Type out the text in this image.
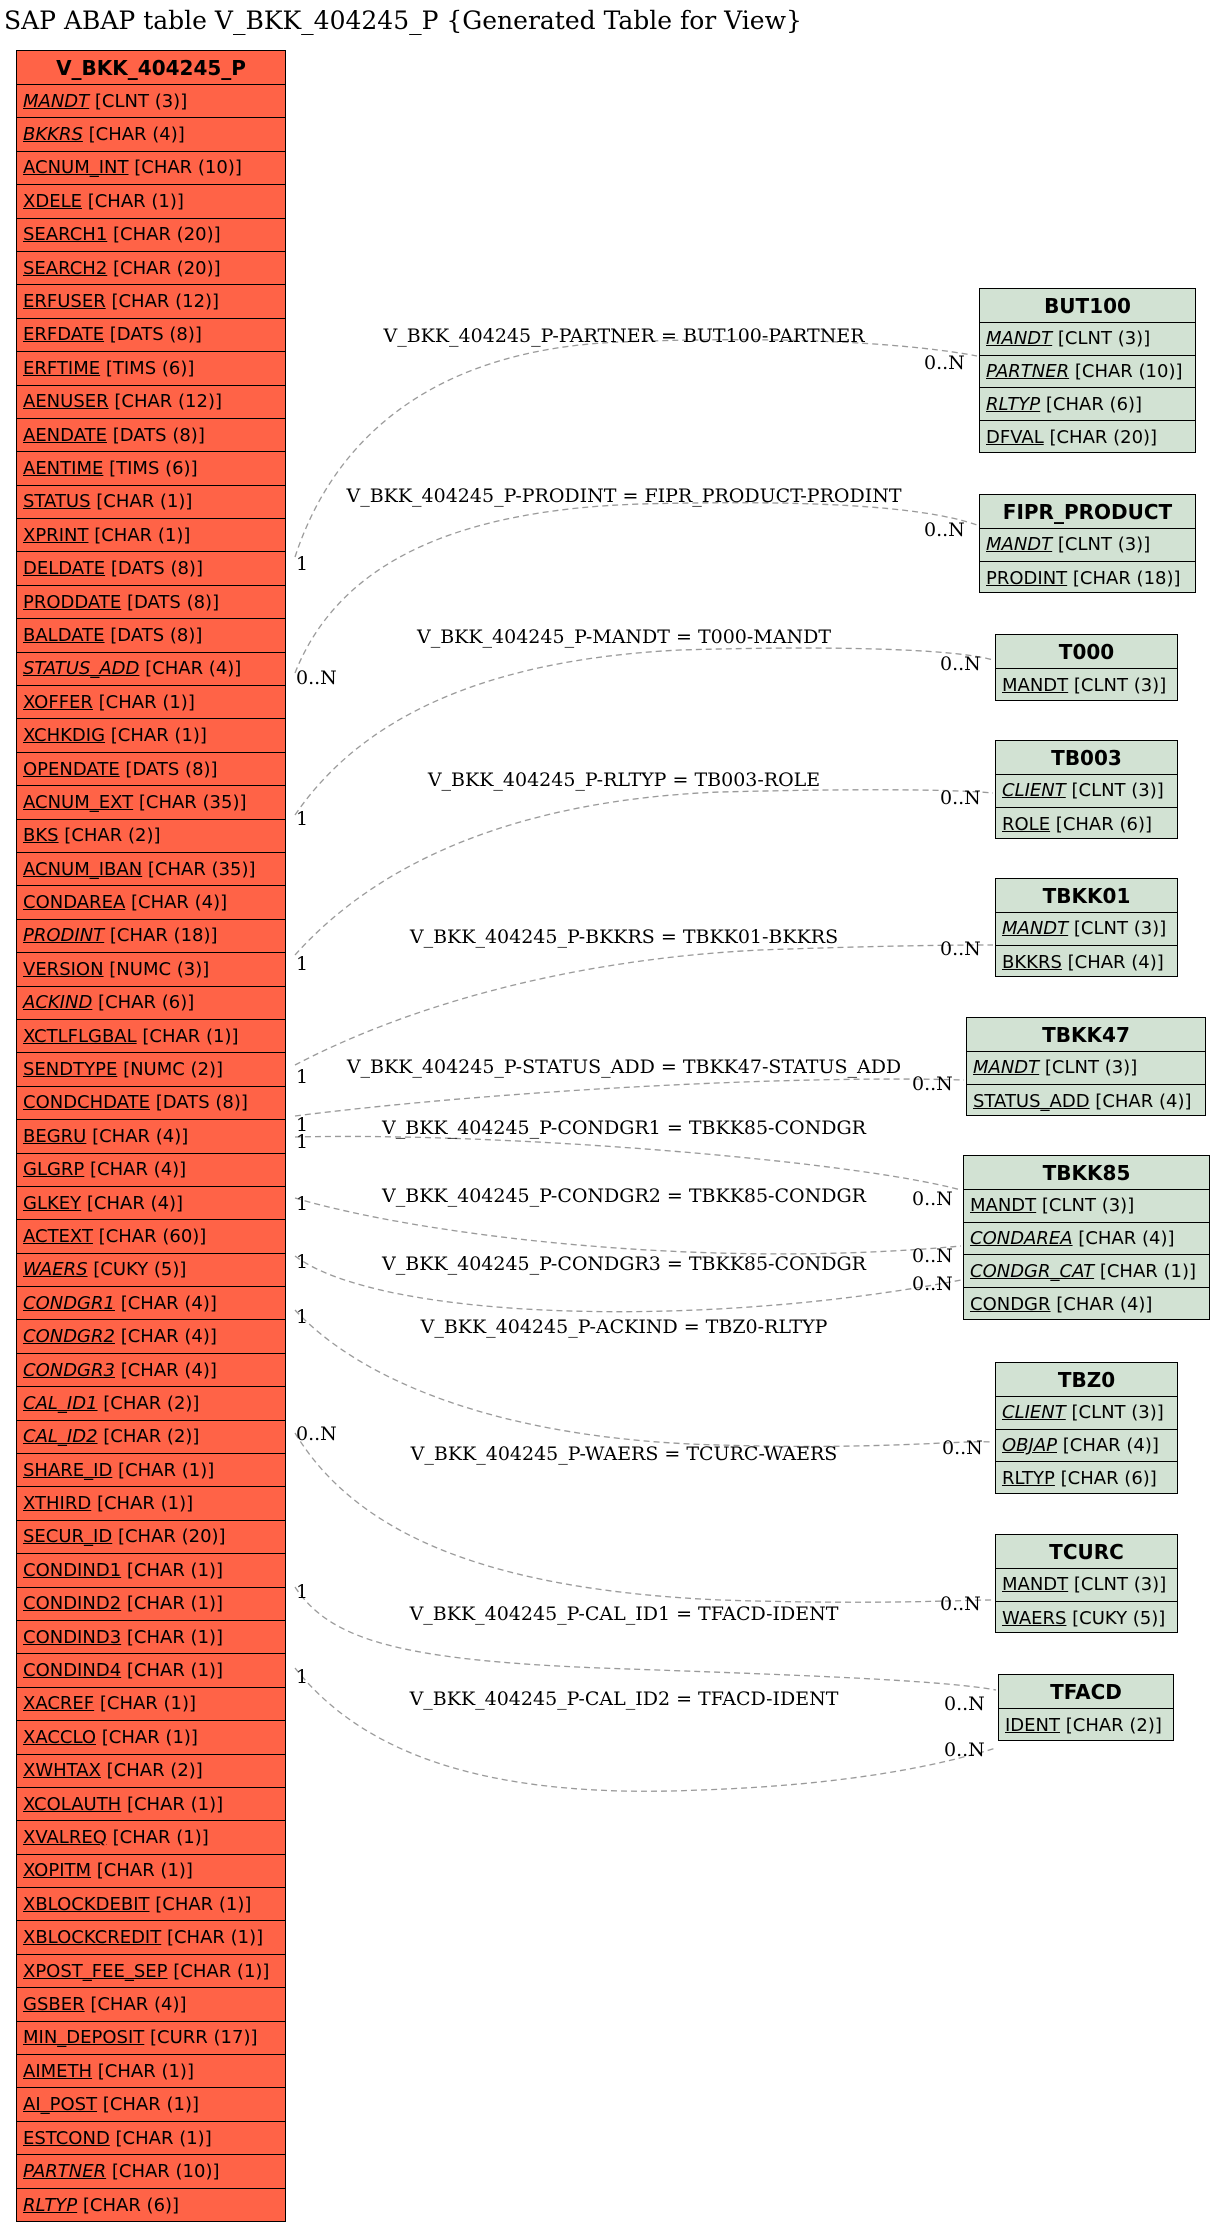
SAP ABAP table V_BKK_404245_P {Generated Table for View}
V_BKK_404245_P-PARTNER = BUT100-PARTNER
1
0..N
V_BKK_404245_P-PRODINT = FIPR_PRODUCT-PRODINT
0..N
0..N
V_BKK_404245_P-MANDT = T000-MANDT
1
0..N
V_BKK_404245_P-RLTYP = TB003-ROLE
1
0..N
V_BKK_404245_P-BKKRS = TBKK01-BKKRS
1
0..N
V_BKK_404245_P-STATUS_ADD = TBKK47-STATUS_ADD
1
0..N
V_BKK_404245_P-CONDGR1 = TBKK85-CONDGR
1
0..N
V_BKK_404245_P-CONDGR2 = TBKK85-CONDGR
1
0..N
V_BKK_404245_P-CONDGR3 = TBKK85-CONDGR
1
0..N
V_BKK_404245_P-ACKIND = TBZ0-RLTYP
1
0..N
V_BKK_404245_P-WAERS = TCURC-WAERS
0..N
0..N
V_BKK_404245_P-CAL_ID1 = TFACD-IDENT
1
0..N
V_BKK_404245_P-CAL_ID2 = TFACD-IDENT
1
0..N
V_BKK_404245_P
MANDT [CLNT (3)]
BKKRS [CHAR (4)]
ACNUM_INT [CHAR (10)]
XDELE [CHAR (1)]
SEARCH1 [CHAR (20)]
SEARCH2 [CHAR (20)]
ERFUSER [CHAR (12)]
ERFDATE [DATS (8)]
ERFTIME [TIMS (6)]
AENUSER [CHAR (12)]
AENDATE [DATS (8)]
AENTIME [TIMS (6)]
STATUS [CHAR (1)]
XPRINT [CHAR (1)]
DELDATE [DATS (8)]
PRODDATE [DATS (8)]
BALDATE [DATS (8)]
STATUS_ADD [CHAR (4)]
XOFFER [CHAR (1)]
XCHKDIG [CHAR (1)]
OPENDATE [DATS (8)]
ACNUM_EXT [CHAR (35)]
BKS [CHAR (2)]
ACNUM_IBAN [CHAR (35)]
CONDAREA [CHAR (4)]
PRODINT [CHAR (18)]
VERSION [NUMC (3)]
ACKIND [CHAR (6)]
XCTLFLGBAL [CHAR (1)]
SENDTYPE [NUMC (2)]
CONDCHDATE [DATS (8)]
BEGRU [CHAR (4)]
GLGRP [CHAR (4)]
GLKEY [CHAR (4)]
ACTEXT [CHAR (60)]
WAERS [CUKY (5)]
CONDGR1 [CHAR (4)]
CONDGR2 [CHAR (4)]
CONDGR3 [CHAR (4)]
CAL_ID1 [CHAR (2)]
CAL_ID2 [CHAR (2)]
SHARE_ID [CHAR (1)]
XTHIRD [CHAR (1)]
SECUR_ID [CHAR (20)]
CONDIND1 [CHAR (1)]
CONDIND2 [CHAR (1)]
CONDIND3 [CHAR (1)]
CONDIND4 [CHAR (1)]
XACREF [CHAR (1)]
XACCLO [CHAR (1)]
XWHTAX [CHAR (2)]
XCOLAUTH [CHAR (1)]
XVALREQ [CHAR (1)]
XOPITM [CHAR (1)]
XBLOCKDEBIT [CHAR (1)]
XBLOCKCREDIT [CHAR (1)]
XPOST_FEE_SEP [CHAR (1)]
GSBER [CHAR (4)]
MIN_DEPOSIT [CURR (17)]
AIMETH [CHAR (1)]
AI_POST [CHAR (1)]
ESTCOND [CHAR (1)]
PARTNER [CHAR (10)]
RLTYP [CHAR (6)]
BUT100
MANDT [CLNT (3)]
PARTNER [CHAR (10)]
RLTYP [CHAR (6)]
DFVAL [CHAR (20)]
FIPR_PRODUCT
MANDT [CLNT (3)]
PRODINT [CHAR (18)]
T000
MANDT [CLNT (3)]
TB003
CLIENT [CLNT (3)]
ROLE [CHAR (6)]
TBKK01
MANDT [CLNT (3)]
BKKRS [CHAR (4)]
TBKK47
MANDT [CLNT (3)]
STATUS_ADD [CHAR (4)]
TBKK85
MANDT [CLNT (3)]
CONDAREA [CHAR (4)]
CONDGR_CAT [CHAR (1)]
CONDGR [CHAR (4)]
TBZ0
CLIENT [CLNT (3)]
OBJAP [CHAR (4)]
RLTYP [CHAR (6)]
TCURC
MANDT [CLNT (3)]
WAERS [CUKY (5)]
TFACD
IDENT [CHAR (2)]
